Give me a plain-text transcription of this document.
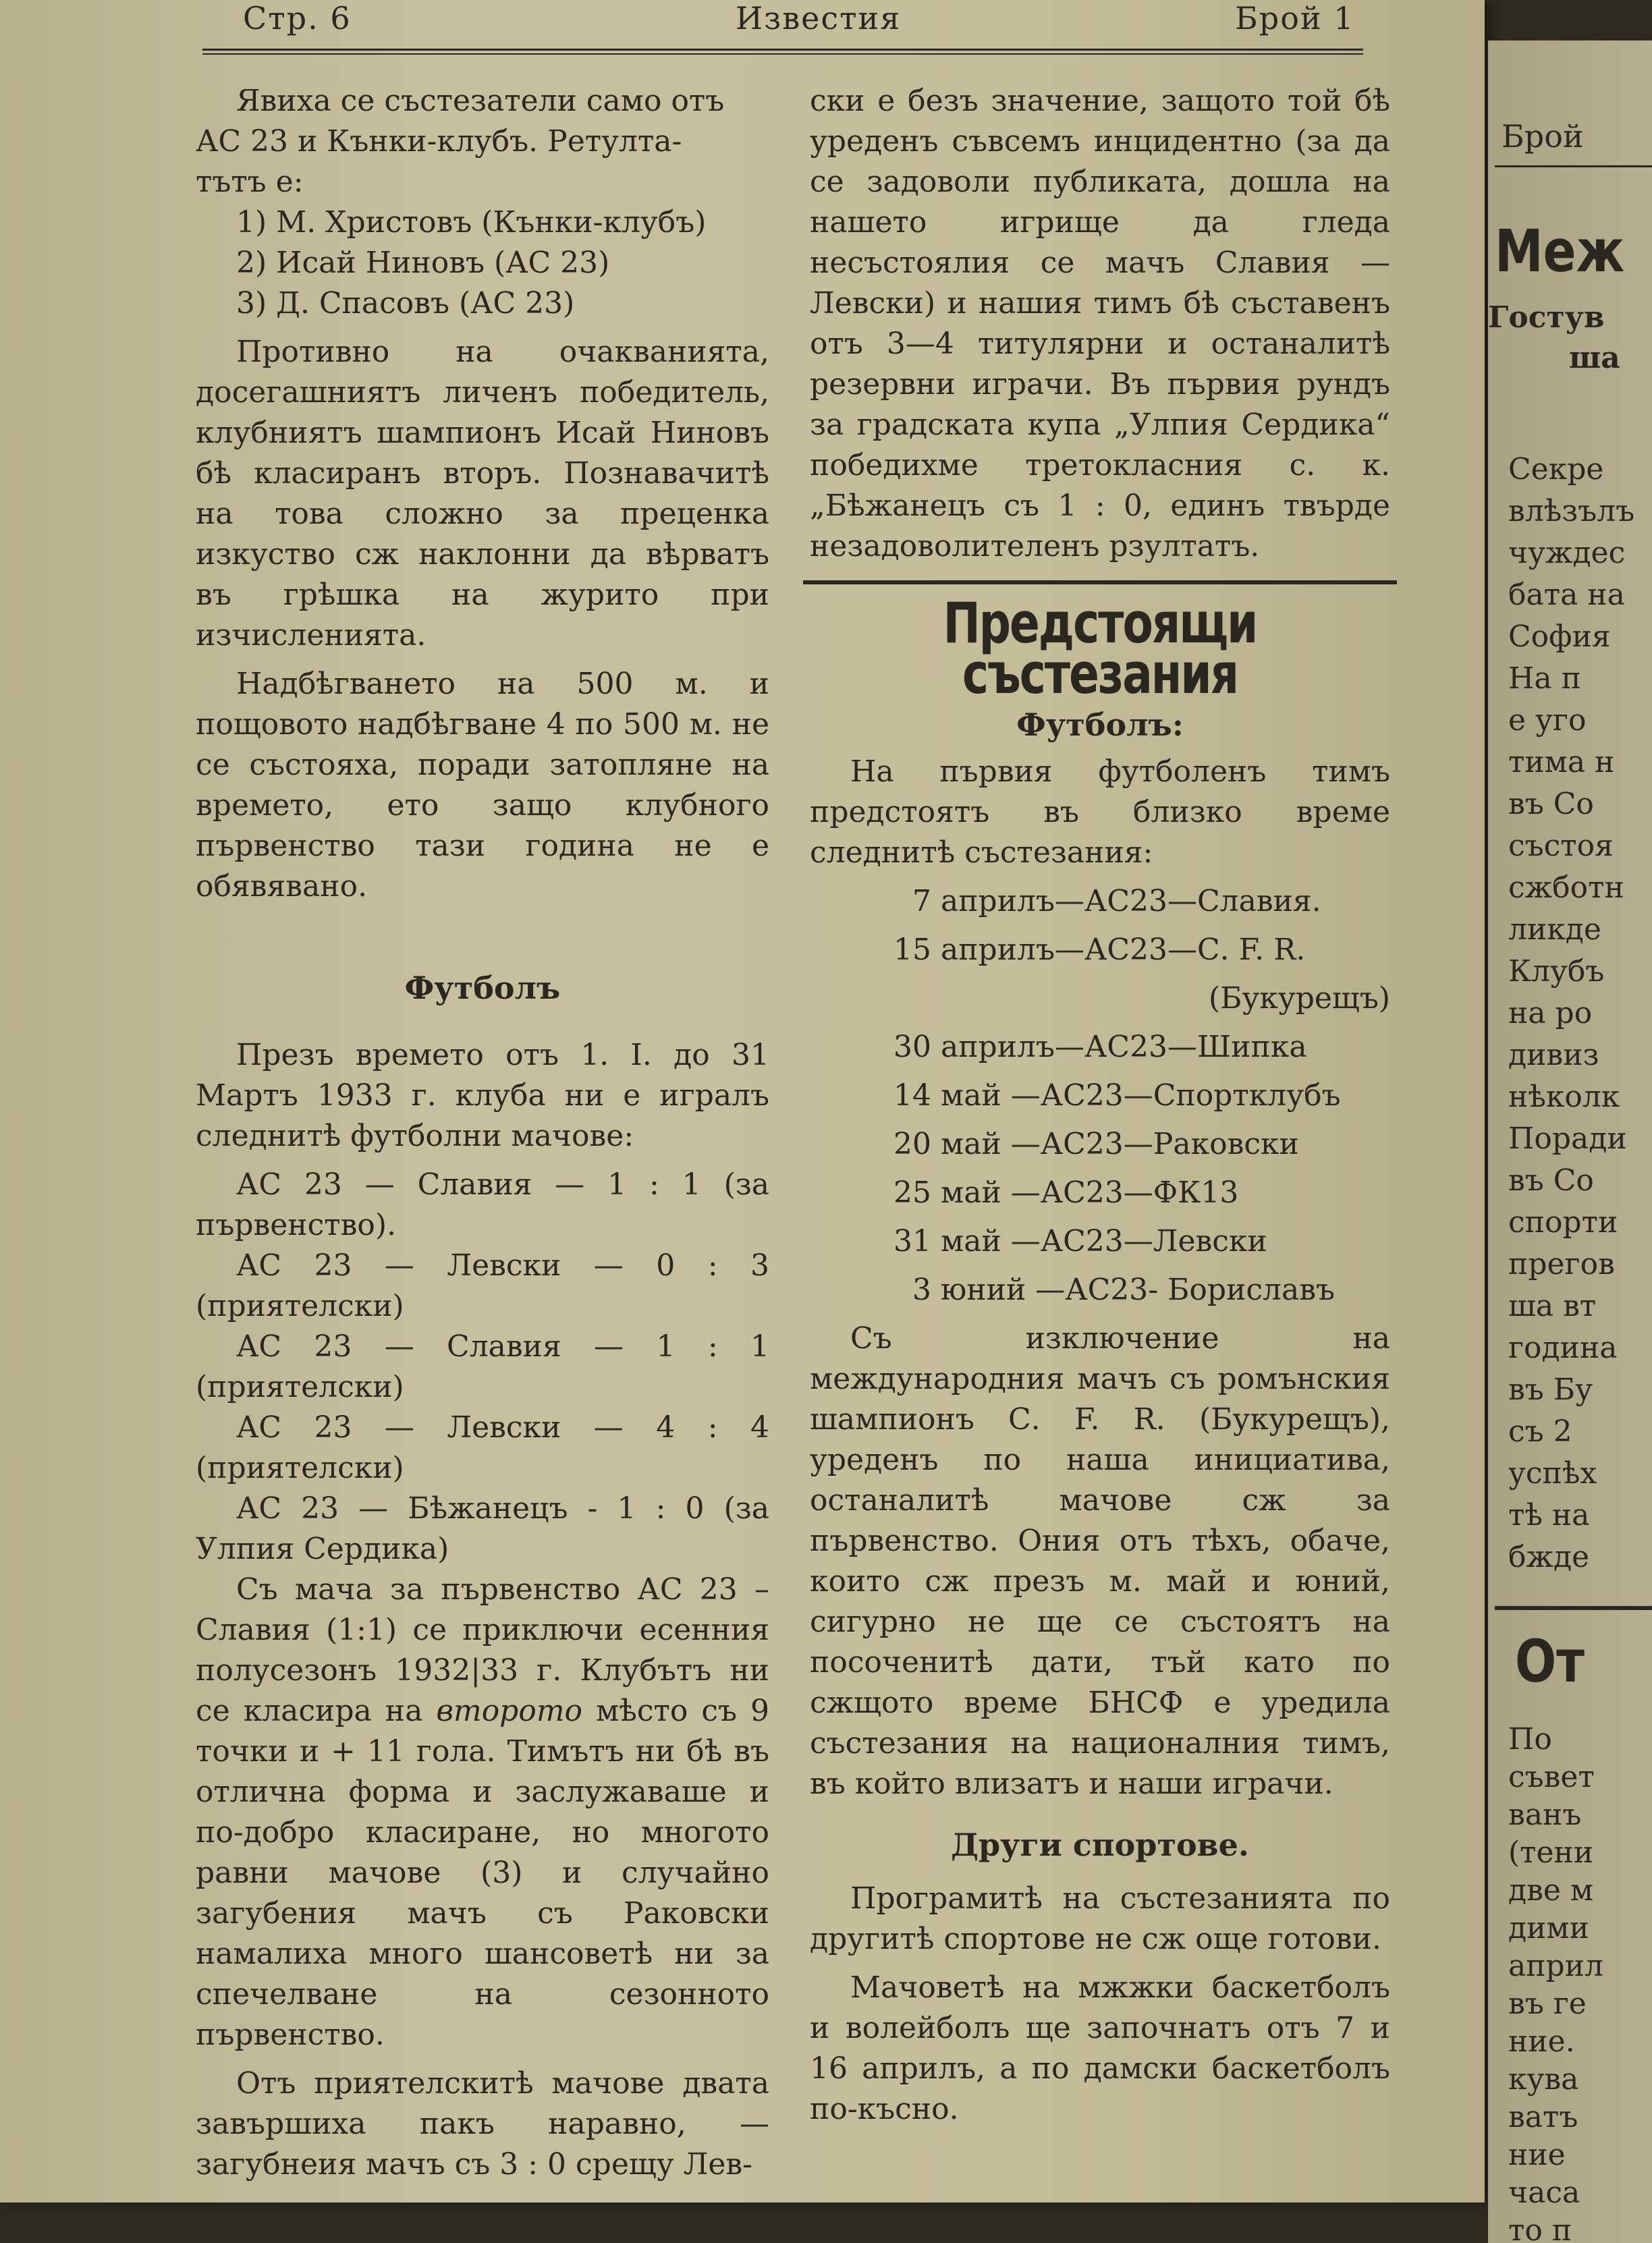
Стр. 6	Известия	Брой 1

Явиха се състезатели само отъ

АС 23 и Кънки-клубъ. Ретулта-

тътъ е:

1) М. Христовъ (Кънки-клубъ)

2) Исай Ниновъ (АС 23)

3) Д. Спасовъ (АС 23)

Противно на очакванията, досегашниятъ личенъ победитель, клубниятъ шампионъ Исай Ниновъ бѣ класиранъ вторъ. Познавачитѣ на това сложно за преценка изкуство сж наклонни да вѣрватъ въ грѣшка на журито при изчисленията.

Надбѣгването на 500 м. и пощовото надбѣгване 4 по 500 м. не се състояха, поради затопляне на времето, ето защо клубного първенство тази година не е обявявано.

Футболъ

Презъ времето отъ 1. I. до 31 Мартъ 1933 г. клуба ни е игралъ следнитѣ футболни мачове:

АС 23 — Славия — 1 : 1 (за първенство).

АС 23 — Левски — 0 : 3 (приятелски)

АС 23 — Славия — 1 : 1 (приятелски)

АС 23 — Левски — 4 : 4 (приятелски)

АС 23 — Бѣжанецъ - 1 : 0 (за Улпия Сердика)

Съ мача за първенство АС 23 – Славия (1:1) се приключи есенния полусезонъ 1932|33 г. Клубътъ ни се класира на второто мѣсто съ 9 точки и + 11 гола. Тимътъ ни бѣ въ отлична форма и заслужаваше и по-добро класиране, но многото равни мачове (3) и случайно загубения мачъ съ Раковски намалиха много шансоветѣ ни за спечелване на сезонното първенство.

Отъ приятелскитѣ мачове двата завършиха пакъ наравно, — загубнеия мачъ съ 3 : 0 срещу Лев-

ски е безъ значение, защото той бѣ уреденъ съвсемъ инцидентно (за да се задоволи публиката, дошла на нашето игрище да гледа несъстоялия се мачъ Славия — Левски) и нашия тимъ бѣ съставенъ отъ 3—4 титулярни и останалитѣ резервни играчи. Въ първия рундъ за градската купа „Улпия Сердика“ победихме третокласния с. к. „Бѣжанецъ съ 1 : 0, единъ твърде незадоволителенъ рзултатъ.

Предстоящи състезания

Футболъ:

На първия футболенъ тимъ предстоятъ въ близко време следнитѣ състезания:

7 априлъ—АС23—Славия.

15 априлъ—АС23—С. F. R.

(Букурещъ)

30 априлъ—АС23—Шипка

14 май —АС23—Спортклубъ

20 май —АС23—Раковски

25 май —АС23—ФК13

31 май —АС23—Левски

3 юний —АС23- Бориславъ

Съ изключение на международния мачъ съ ромънския шампионъ С. F. R. (Букурещъ), уреденъ по наша инициатива, останалитѣ мачове сж за първенство. Ония отъ тѣхъ, обаче, които сж презъ м. май и юний, сигурно не ще се състоятъ на посоченитѣ дати, тъй като по сжщото време БНСФ е уредила състезания на националния тимъ, въ който влизатъ и наши играчи.

Други спортове.

Програмитѣ на състезанията по другитѣ спортове не сж още готови.

Мачоветѣ на мжжки баскетболъ и волейболъ ще започнатъ отъ 7 и 16 априлъ, а по дамски баскетболъ по-късно.

Брой
Меж
Гостув
ша
Секре
влѣзълъ
чуждес
бата на
София
На п
е уго
тима н
въ Со
състоя
сжботн
ликде
Клубъ
на ро
дивиз
нѣколк
Поради
въ Со
спорти
прегов
ша вт
година
въ Бу
съ 2
успѣх
тѣ на
бжде
От
По
съвет
ванъ
(тени
две м
дими
април
въ ге
ние.
кува
ватъ
ние
часа
то п
